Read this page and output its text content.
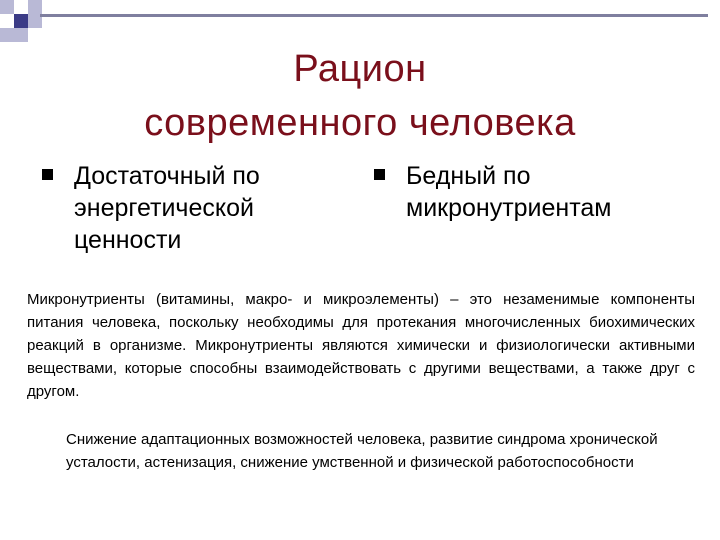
Рацион
современного человека
Достаточный по энергетической ценности
Бедный по микронутриентам
Микронутриенты (витамины, макро- и микроэлементы) – это незаменимые компоненты питания человека, поскольку необходимы для протекания многочисленных биохимических реакций в организме. Микронутриенты являются химически и физиологически активными веществами, которые способны взаимодействовать с другими веществами, а также друг с другом.
Снижение адаптационных возможностей человека, развитие синдрома хронической усталости, астенизация, снижение умственной и физической работоспособности
